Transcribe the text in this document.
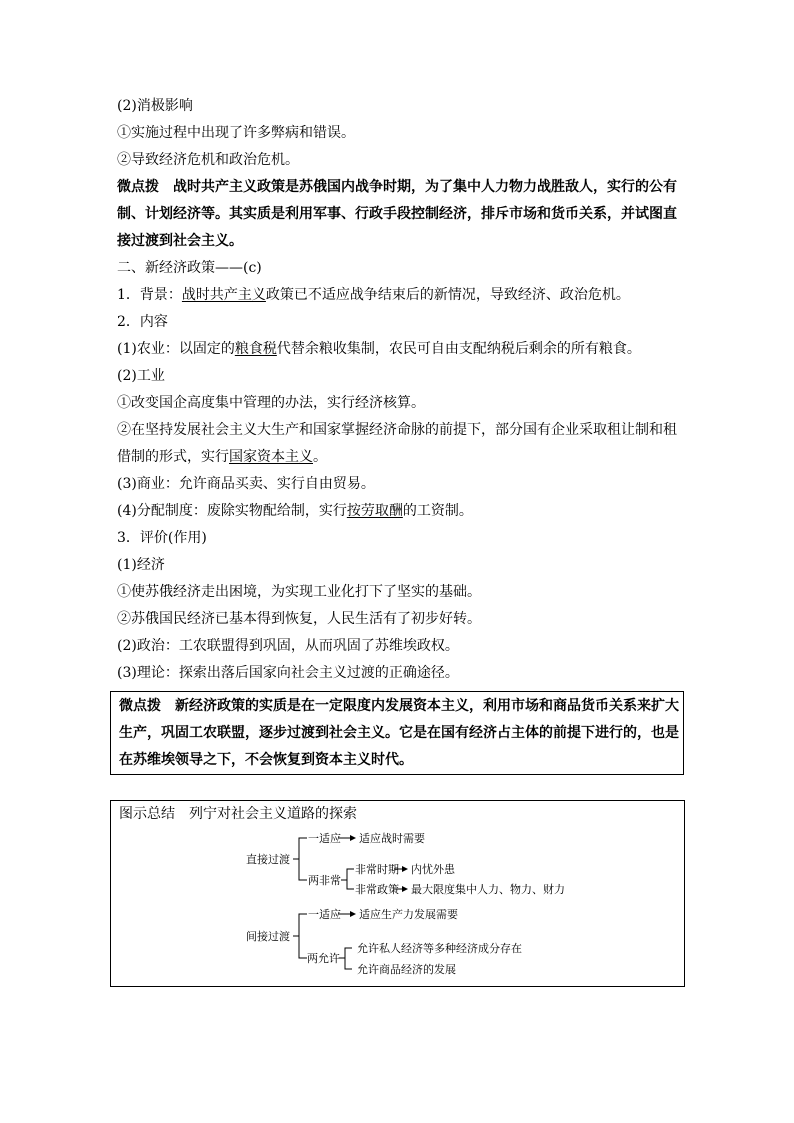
(2)消极影响
①实施过程中出现了许多弊病和错误。
②导致经济危机和政治危机。
微点拨　战时共产主义政策是苏俄国内战争时期，为了集中人力物力战胜敌人，实行的公有
制、计划经济等。其实质是利用军事、行政手段控制经济，排斥市场和货币关系，并试图直
接过渡到社会主义。
二、新经济政策——(c)
1．背景：战时共产主义政策已不适应战争结束后的新情况，导致经济、政治危机。
2．内容
(1)农业：以固定的粮食税代替余粮收集制，农民可自由支配纳税后剩余的所有粮食。
(2)工业
①改变国企高度集中管理的办法，实行经济核算。
②在坚持发展社会主义大生产和国家掌握经济命脉的前提下，部分国有企业采取租让制和租
借制的形式，实行国家资本主义。
(3)商业：允许商品买卖、实行自由贸易。
(4)分配制度：废除实物配给制，实行按劳取酬的工资制。
3．评价(作用)
(1)经济
①使苏俄经济走出困境，为实现工业化打下了坚实的基础。
②苏俄国民经济已基本得到恢复，人民生活有了初步好转。
(2)政治：工农联盟得到巩固，从而巩固了苏维埃政权。
(3)理论：探索出落后国家向社会主义过渡的正确途径。
微点拨　新经济政策的实质是在一定限度内发展资本主义，利用市场和商品货币关系来扩大
生产，巩固工农联盟，逐步过渡到社会主义。它是在国有经济占主体的前提下进行的，也是
在苏维埃领导之下，不会恢复到资本主义时代。
图示总结　列宁对社会主义道路的探索
直接过渡
一适应 适应战时需要
两非常
非常时期 内忧外患
非常政策 最大限度集中人力、物力、财力
间接过渡
一适应 适应生产力发展需要
两允许
允许私人经济等多种经济成分存在
允许商品经济的发展
